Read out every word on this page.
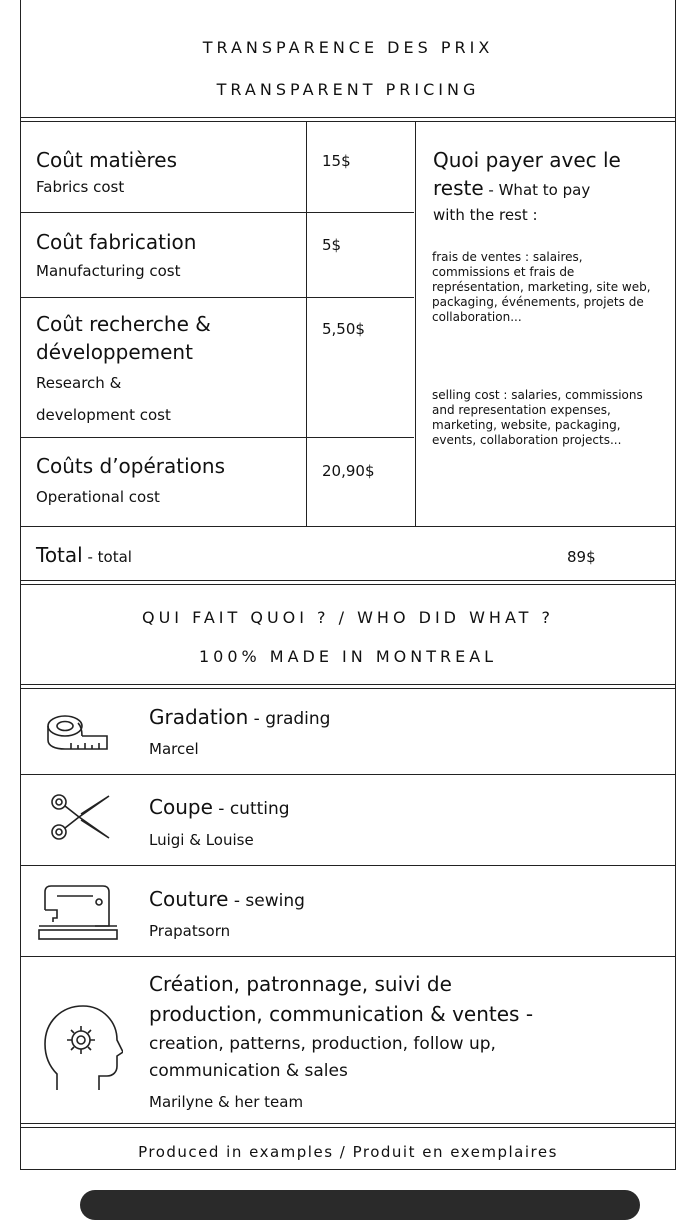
TRANSPARENCE DES PRIX
TRANSPARENT PRICING
Coût matières
Fabrics cost
15$
Coût fabrication
Manufacturing cost
5$
Coût recherche &
développement
Research &
development cost
5,50$
Coûts d’opérations
Operational cost
20,90$
Quoi payer avec le
reste - What to pay
with the rest :
frais de ventes : salaires, commissions et frais de représentation, marketing, site web, packaging, événements, projets de collaboration...
selling cost : salaries, commissions and representation expenses, marketing, website, packaging, events, collaboration projects...
Total - total	89$
QUI FAIT QUOI ? / WHO DID WHAT ?
100% MADE IN MONTREAL
Gradation - grading
Marcel
Coupe - cutting
Luigi & Louise
Couture - sewing
Prapatsorn
Création, patronnage, suivi de
production, communication & ventes -
creation, patterns, production, follow up,
communication & sales
Marilyne & her team
Produced in examples / Produit en exemplaires
